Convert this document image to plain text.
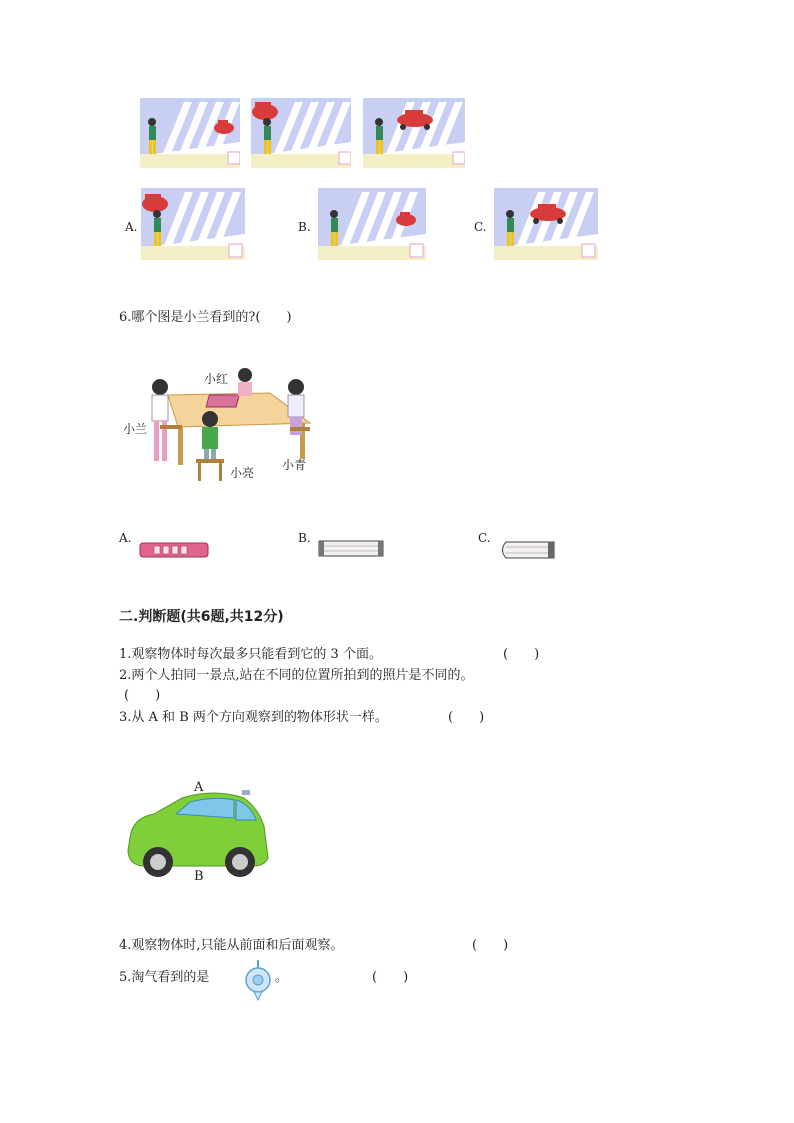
A.	B.	C.
6.哪个图是小兰看到的?(　　)
小红
小兰
小亮
小青
A.	B.	C.
二.判断题(共6题,共12分)
1.观察物体时每次最多只能看到它的 3 个面。	(　　)
2.两个人拍同一景点,站在不同的位置所拍到的照片是不同的。
(　　)
3.从 A 和 B 两个方向观察到的物体形状一样。	(　　)
A
B
4.观察物体时,只能从前面和后面观察。	(　　)
5.淘气看到的是	。	(　　)
